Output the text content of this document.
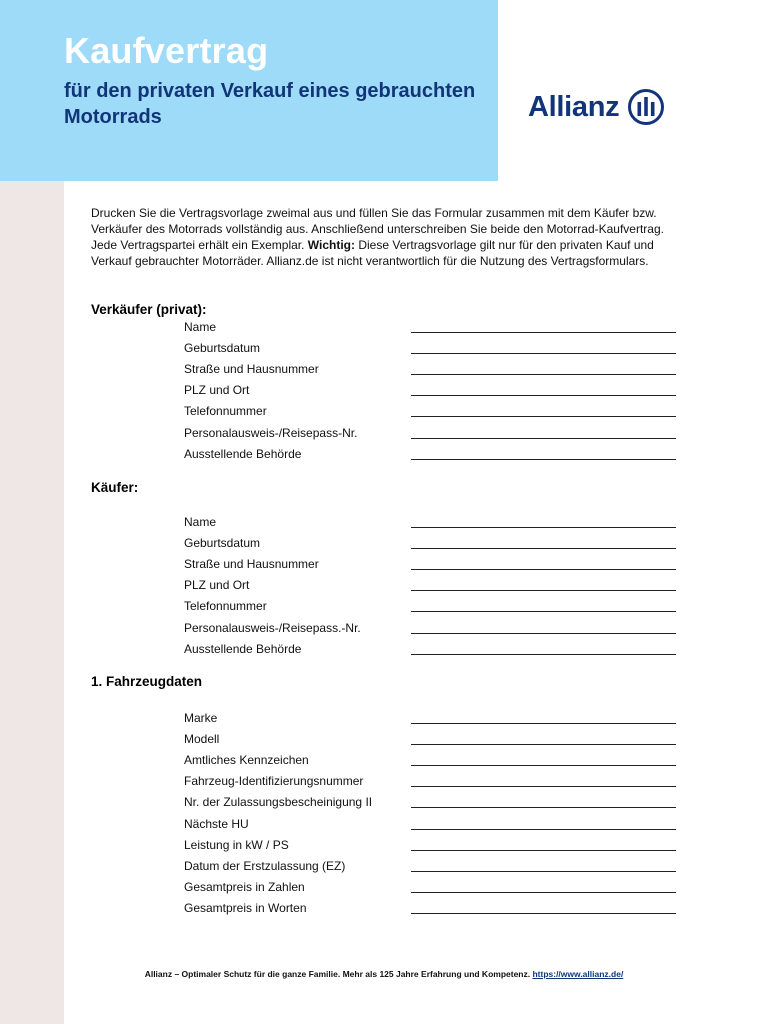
Kaufvertrag

für den privaten Verkauf eines gebrauchten Motorrads	Allianz

Drucken Sie die Vertragsvorlage zweimal aus und füllen Sie das Formular zusammen mit dem Käufer bzw. Verkäufer des Motorrads vollständig aus. Anschließend unterschreiben Sie beide den Motorrad-Kaufvertrag. Jede Vertragspartei erhält ein Exemplar. Wichtig: Diese Vertragsvorlage gilt nur für den privaten Kauf und Verkauf gebrauchter Motorräder. Allianz.de ist nicht verantwortlich für die Nutzung des Vertragsformulars.

Verkäufer (privat):
Name
Geburtsdatum
Straße und Hausnummer
PLZ und Ort
Telefonnummer
Personalausweis-/Reisepass-Nr.
Ausstellende Behörde
Käufer:
Name
Geburtsdatum
Straße und Hausnummer
PLZ und Ort
Telefonnummer
Personalausweis-/Reisepass.-Nr.
Ausstellende Behörde
1. Fahrzeugdaten
Marke
Modell
Amtliches Kennzeichen
Fahrzeug-Identifizierungsnummer
Nr. der Zulassungsbescheinigung II
Nächste HU
Leistung in kW / PS
Datum der Erstzulassung (EZ)
Gesamtpreis in Zahlen
Gesamtpreis in Worten
Allianz – Optimaler Schutz für die ganze Familie. Mehr als 125 Jahre Erfahrung und Kompetenz. https://www.allianz.de/
